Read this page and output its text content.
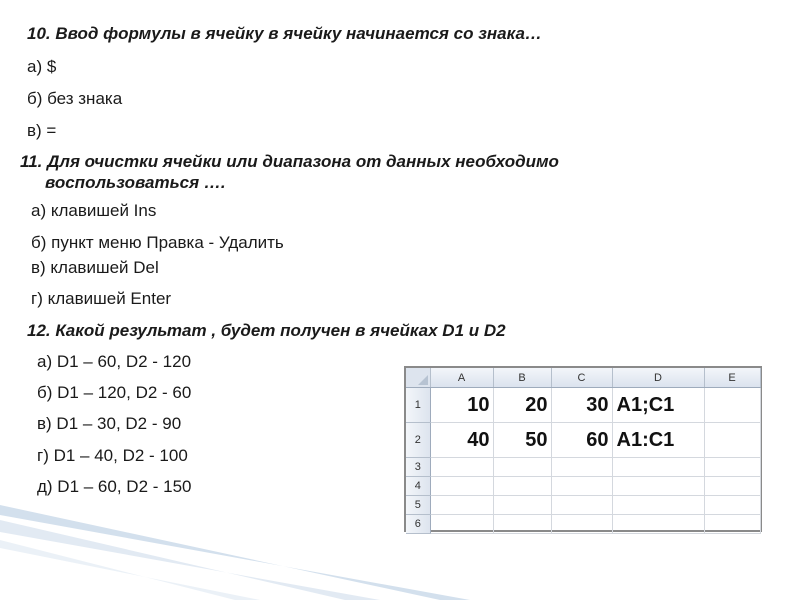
10. Ввод формулы в ячейку в ячейку начинается со знака…
а) $
б) без знака
в) =
11. Для очистки ячейки или диапазона от данных необходимо
воспользоваться ….
а) клавишей Ins
б) пункт меню Правка - Удалить
в) клавишей Del
г) клавишей Enter
12. Какой результат , будет получен в ячейках D1 и D2
а) D1 – 60, D2 - 120
б) D1 – 120, D2 - 60
в) D1 – 30, D2 - 90
г) D1 – 40, D2 - 100
д) D1 – 60, D2 - 150
	A	B	C	D	E
1	10	20	30	A1;C1	
2	40	50	60	A1:C1	
3					
4					
5					
6					
